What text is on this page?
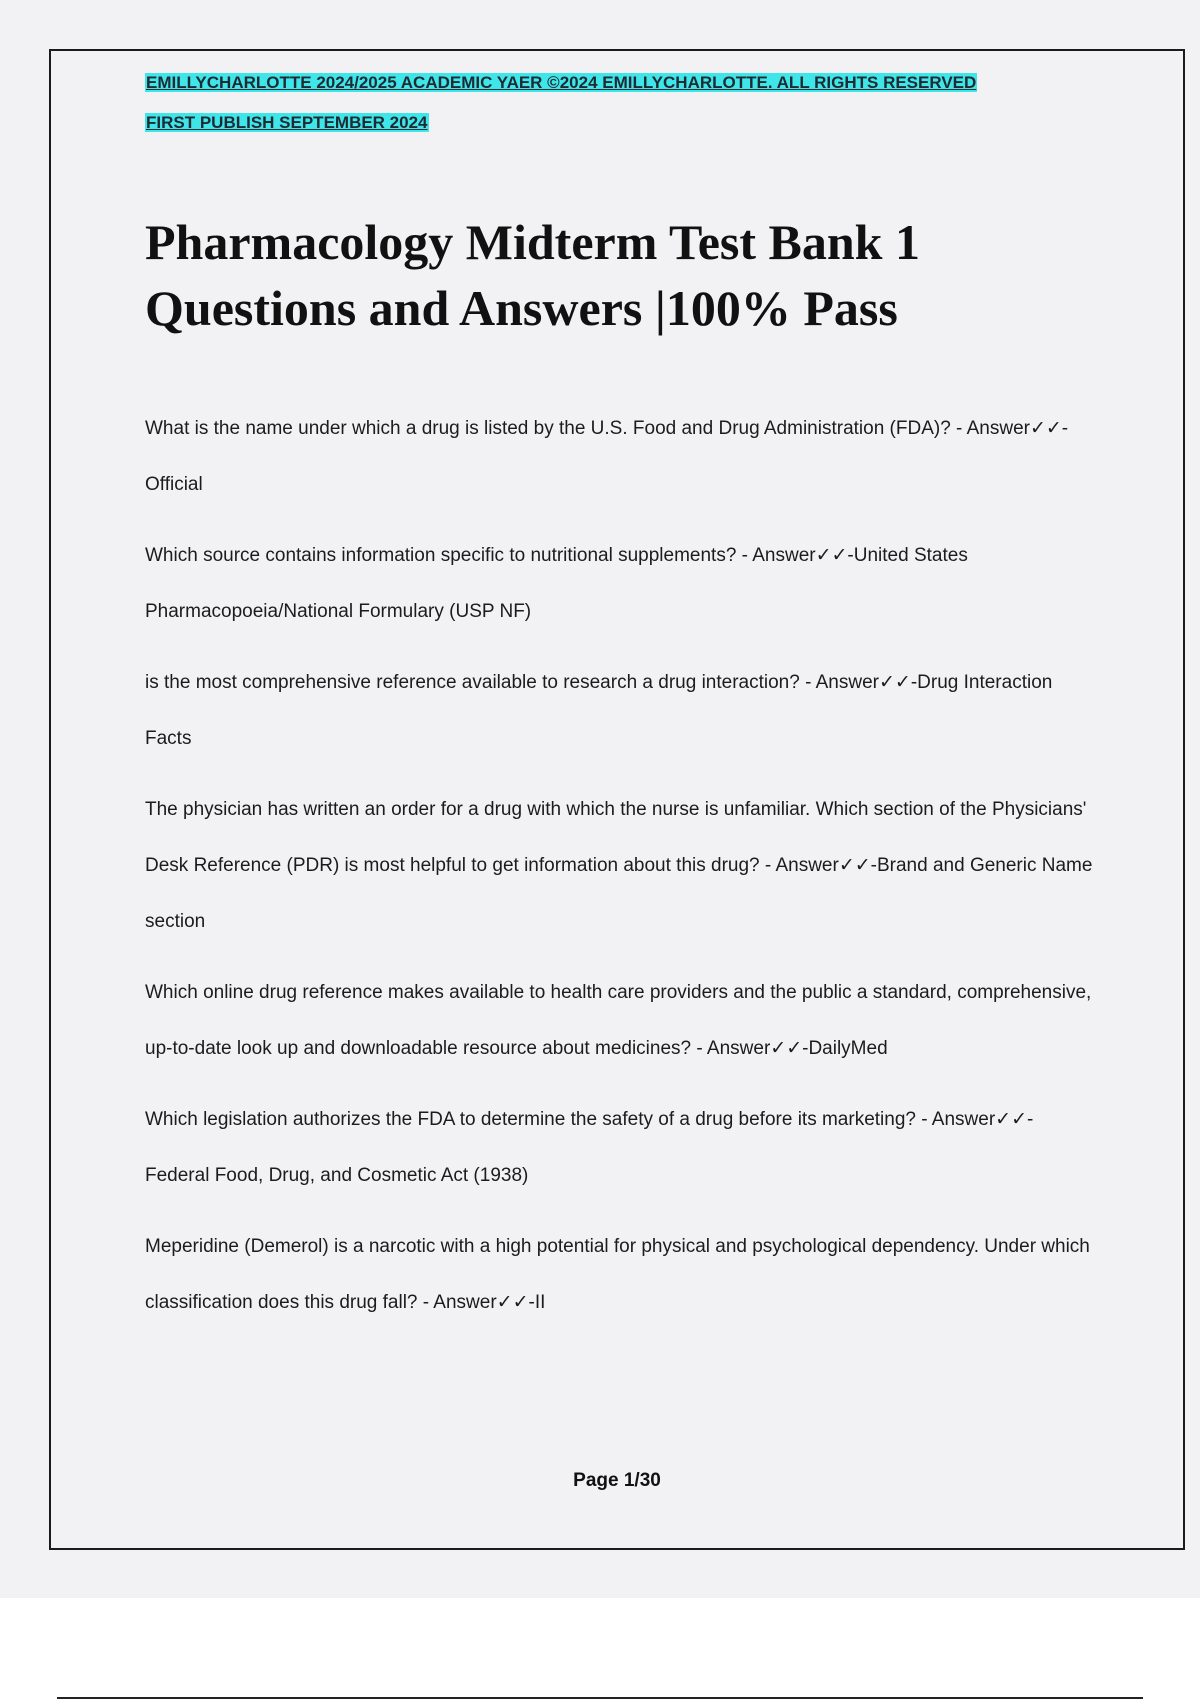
EMILLYCHARLOTTE 2024/2025 ACADEMIC YAER ©2024 EMILLYCHARLOTTE. ALL RIGHTS RESERVED

FIRST PUBLISH SEPTEMBER 2024

Pharmacology Midterm Test Bank 1
Questions and Answers |100% Pass

What is the name under which a drug is listed by the U.S. Food and Drug Administration (FDA)? - Answer✓✓-Official

Which source contains information specific to nutritional supplements? - Answer✓✓-United States Pharmacopoeia/National Formulary (USP NF)

is the most comprehensive reference available to research a drug interaction? - Answer✓✓-Drug Interaction Facts

The physician has written an order for a drug with which the nurse is unfamiliar. Which section of the Physicians' Desk Reference (PDR) is most helpful to get information about this drug? - Answer✓✓-Brand and Generic Name section

Which online drug reference makes available to health care providers and the public a standard, comprehensive, up-to-date look up and downloadable resource about medicines? - Answer✓✓-DailyMed

Which legislation authorizes the FDA to determine the safety of a drug before its marketing? - Answer✓✓-Federal Food, Drug, and Cosmetic Act (1938)

Meperidine (Demerol) is a narcotic with a high potential for physical and psychological dependency. Under which classification does this drug fall? - Answer✓✓-II

Page 1/30
